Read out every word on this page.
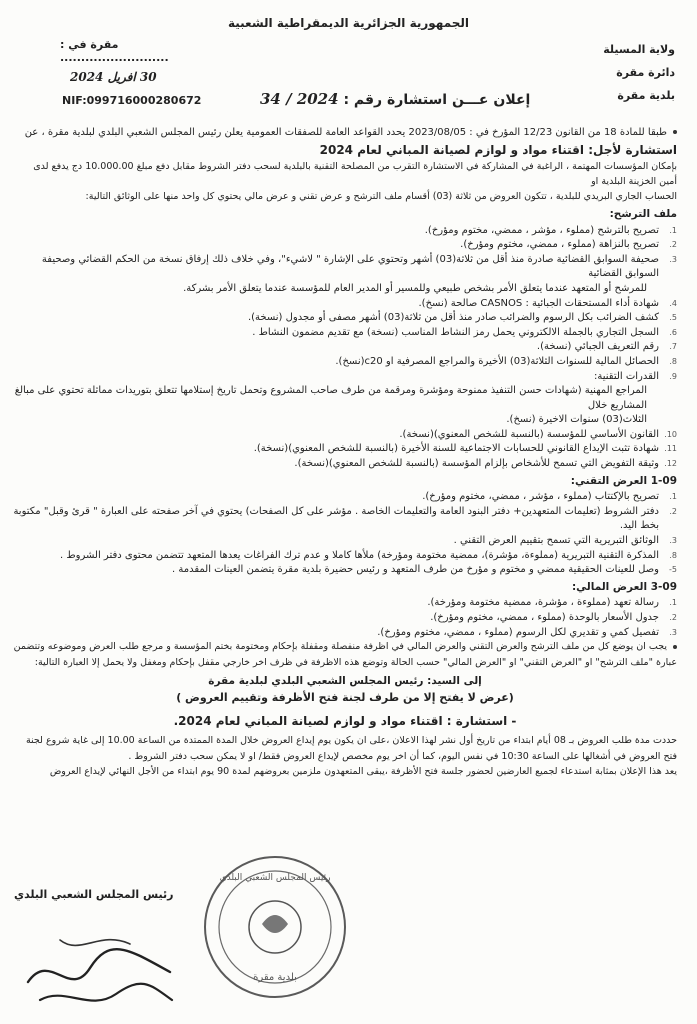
الجمهورية الجزائرية الديمقراطية الشعبية
ولاية المسيلة
دائرة مقرة
بلدية مقرة
مقرة في : ..........................
30 افريل 2024
NIF:099716000280672	إعلان عـــن استشارة رقم : 2024 / 34

طبقا للمادة 18 من القانون 12/23 المؤرخ في : 2023/08/05 يحدد القواعد العامة للصفقات العمومية يعلن رئيس المجلس الشعبي البلدي لبلدية مقرة ، عن

استشارة لأجل: اقتناء مواد و لوازم لصيانة المباني لعام 2024

بإمكان المؤسسات المهتمة ، الراغبة في المشاركة في الاستشارة التقرب من المصلحة التقنية بالبلدية لسحب دفتر الشروط مقابل دفع مبلغ 10.000.00 دج يدفع لدى أمين الخزينة البلدية او

الحساب الجاري البريدي للبلدية ، تتكون العروض من ثلاثة (03) أقسام ملف الترشح و عرض تقني و عرض مالي يحتوي كل واحد منها على الوثائق التالية:

ملف الترشح:

1.
تصريح بالترشح (مملوء ، مؤشر ، ممضي، مختوم ومؤرخ).

2.
تصريح بالنزاهة (مملوء ، ممضي، مختوم ومؤرخ).

3.
صحيفة السوابق القضائية صادرة منذ أقل من ثلاثة(03) أشهر وتحتوي على الإشارة " لاشيء"، وفي خلاف ذلك إرفاق نسخة من الحكم القضائي وصحيفة السوابق القضائية

للمرشح أو المتعهد عندما يتعلق الأمر بشخص طبيعي وللمسير أو المدير العام للمؤسسة عندما يتعلق الأمر بشركة.

4.
شهادة أداء المستحقات الجبائية : CASNOS صالحة (نسخ).

5.
كشف الضرائب بكل الرسوم والضرائب صادر منذ أقل من ثلاثة(03) أشهر مصفى أو مجدول (نسخة).

6.
السجل التجاري بالجملة الالكتروني يحمل رمز النشاط المناسب (نسخة) مع تقديم مضمون النشاط .

7.
رقم التعريف الجبائي (نسخة).

8.
الحصائل المالية للسنوات الثلاثة(03) الأخيرة والمراجع المصرفية او c20(نسخ).

9.
القدرات التقنية:

المراجع المهنية (شهادات حسن التنفيذ ممنوحة ومؤشرة ومرقمة من طرف صاحب المشروع وتحمل تاريخ إستلامها تتعلق بتوريدات مماثلة تحتوي على مبالغ المشاريع خلال

الثلاث(03) سنوات الاخيرة (نسخ).

10.
القانون الأساسي للمؤسسة (بالنسبة للشخص المعنوي)(نسخة).

11.
شهادة تثبت الإيداع القانوني للحسابات الاجتماعية للسنة الأخيرة (بالنسبة للشخص المعنوي)(نسخة).

12.
وثيقة التفويض التي تسمح للأشخاص بإلزام المؤسسة (بالنسبة للشخص المعنوي)(نسخة).

1-09 العرض التقني:

1.
تصريح بالإكتتاب (مملوء ، مؤشر ، ممضي، مختوم ومؤرخ).

2.
دفتر الشروط (تعليمات المتعهدين+ دفتر البنود العامة والتعليمات الخاصة . مؤشر على كل الصفحات) يحتوي في آخر صفحته على العبارة " قرئ وقبل" مكتوبة بخط اليد.

3.
الوثائق التبريرية التي تسمح بتقييم العرض التقني .

8.
المذكرة التقنية التبريرية (مملوءة، مؤشرة)، ممضية مختومة ومؤرخة) ملأها كاملا و عدم ترك الفراغات يعدها المتعهد تتضمن محتوى دفتر الشروط .

5-
وصل للعينات الحقيقية ممضي و مختوم و مؤرخ من طرف المتعهد و رئيس حضيرة بلدية مقرة يتضمن العينات المقدمة .

3-09 العرض المالي:

1.
رسالة تعهد (مملوءة ، مؤشرة، ممضية مختومة ومؤرخة).

2.
جدول الأسعار بالوحدة (مملوء ، ممضي، مختوم ومؤرخ).

3.
تفصيل كمي و تقديري لكل الرسوم (مملوء ، ممضي، مختوم ومؤرخ).

يجب ان يوضع كل من ملف الترشح والعرض التقني والعرض المالي في اظرفة منفصلة ومقفلة بإحكام ومختومة بختم المؤسسة و مرجع طلب العرض وموضوعه وتتضمن

عبارة "ملف الترشح" او "العرض التقني" او "العرض المالي" حسب الحالة وتوضع هذه الاظرفة في ظرف اخر خارجي مقفل بإحكام ومغفل ولا يحمل إلا العبارة التالية:

إلى السيد: رئيس المجلس الشعبي البلدي لبلدية مقرة
(عرض لا يفتح إلا من طرف لجنة فتح الأظرفة وتقييم العروض )
- استشارة : اقتناء مواد و لوازم لصيانة المباني لعام 2024.

حددت مدة طلب العروض بـ 08 أيام ابتداء من تاريخ أول نشر لهذا الاعلان ،على ان يكون يوم إيداع العروض خلال المدة الممتدة من الساعة 10.00 إلى غاية شروع لجنة

فتح العروض في أشغالها على الساعة 10:30 في نفس اليوم، كما أن اخر يوم مخصص لإيداع العروض فقط/ او لا يمكن سحب دفتر الشروط .

يعد هذا الإعلان بمثابة استدعاء لجميع العارضين لحضور جلسة فتح الأظرفة ،يبقى المتعهدون ملزمين بعروضهم لمدة 90 يوم ابتداء من الأجل النهائي لإيداع العروض

رئيس المجلس الشعبي البلدي
رئيس المجلس الشعبي البلدي
بلدية مقرة
